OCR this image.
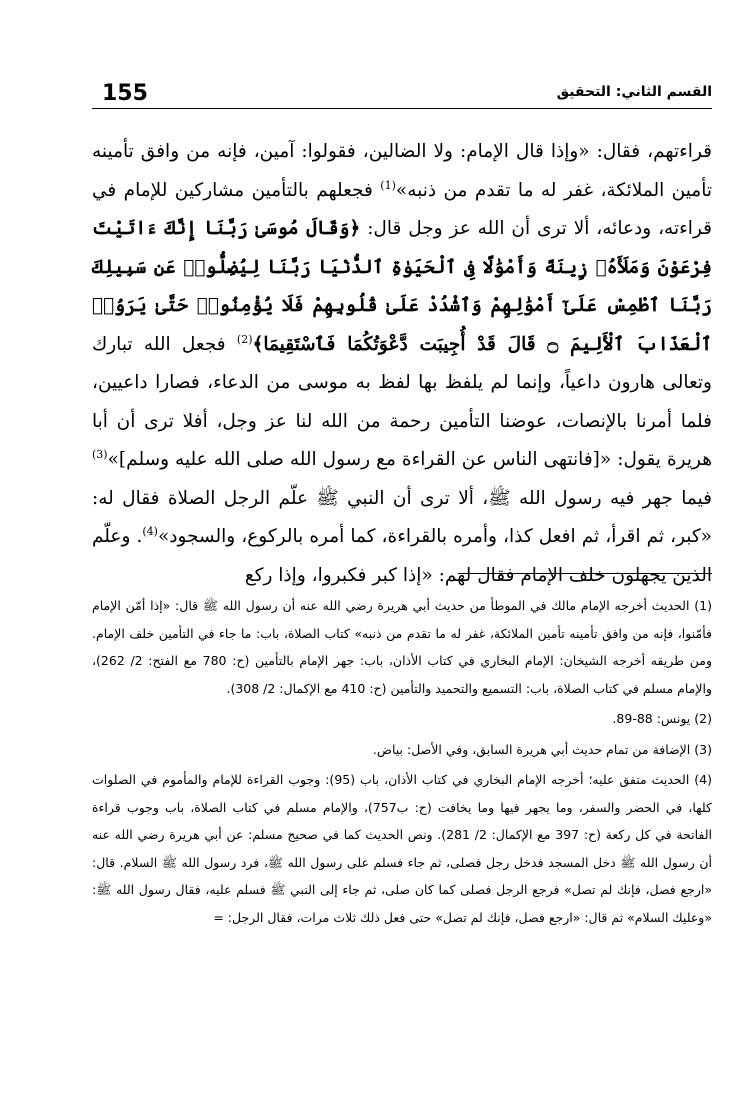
155	القسم الثاني: التحقيق

قراءتهم، فقال: «وإذا قال الإمام: ولا الضالين، فقولوا: آمين، فإنه من وافق تأمينه تأمين الملائكة، غفر له ما تقدم من ذنبه»$^{(1)}$ فجعلهم بالتأمين مشاركين للإمام في قراءته، ودعائه، ألا ترى أن الله عز وجل قال: ﴿وَقَالَ مُوسَىٰ رَبَّنَا إِنَّكَ ءَاتَيْتَ فِرْعَوْنَ وَمَلَأَهُۥ زِينَةً وَأَمْوَٰلًا فِى ٱلْحَيَوٰةِ ٱلدُّنْيَا رَبَّنَا لِيُضِلُّوا۟ عَن سَبِيلِكَ رَبَّنَا ٱطْمِسْ عَلَىٰٓ أَمْوَٰلِهِمْ وَٱشْدُدْ عَلَىٰ قُلُوبِهِمْ فَلَا يُؤْمِنُوا۟ حَتَّىٰ يَرَوُا۟ ٱلْعَذَابَ ٱلْأَلِيمَ ۝ قَالَ قَدْ أُجِيبَت دَّعْوَتُكُمَا فَٱسْتَقِيمَا﴾$^{(2)}$ فجعل الله تبارك وتعالى هارون داعياً، وإنما لم يلفظ بها لفظ به موسى من الدعاء، فصارا داعيين، فلما أمرنا بالإنصات، عوضنا التأمين رحمة من الله لنا عز وجل، أفلا ترى أن أبا هريرة يقول: «[فانتهى الناس عن القراءة مع رسول الله صلى الله عليه وسلم]»$^{(3)}$ فيما جهر فيه رسول الله ﷺ، ألا ترى أن النبي ﷺ علّم الرجل الصلاة فقال له: «كبر، ثم اقرأ، ثم افعل كذا، وأمره بالقراءة، كما أمره بالركوع، والسجود»$^{(4)}$. وعلّم الذين يجهلون خلف الإمام فقال لهم: «إذا كبر فكبروا، وإذا ركع

(1) الحديث أخرجه الإمام مالك في الموطأ من حديث أبي هريرة رضي الله عنه أن رسول الله ﷺ قال: «إذا أمّن الإمام فأمّنوا، فإنه من وافق تأمينه تأمين الملائكة، غفر له ما تقدم من ذنبه» كتاب الصلاة، باب: ما جاء في التأمين خلف الإمام. ومن طريقه أخرجه الشيخان: الإمام البخاري في كتاب الأذان، باب: جهر الإمام بالتأمين (ح: 780 مع الفتح: 2/ 262)، والإمام مسلم في كتاب الصلاة، باب: التسميع والتحميد والتأمين (ح: 410 مع الإكمال: 2/ 308).

(2) يونس: 88-89.

(3) الإضافة من تمام حديث أبي هريرة السابق، وفي الأصل: بياض.

(4) الحديث متفق عليه؛ أخرجه الإمام البخاري في كتاب الأذان، باب (95): وجوب القراءة للإمام والمأموم في الصلوات كلها، في الحضر والسفر، وما يجهر فيها وما يخافت (ح: ب757)، والإمام مسلم في كتاب الصلاة، باب وجوب قراءة الفاتحة في كل ركعة (ح: 397 مع الإكمال: 2/ 281). ونص الحديث كما في صحيح مسلم: عن أبي هريرة رضي الله عنه أن رسول الله ﷺ دخل المسجد فدخل رجل فصلى، ثم جاء فسلم على رسول الله ﷺ، فرد رسول الله ﷺ السلام. قال: «ارجع فصل، فإنك لم تصل» فرجع الرجل فصلى كما كان صلى، ثم جاء إلى النبي ﷺ فسلم عليه، فقال رسول الله ﷺ: «وعليك السلام» ثم قال: «ارجع فصل، فإنك لم تصل» حتى فعل ذلك ثلاث مرات، فقال الرجل: =
